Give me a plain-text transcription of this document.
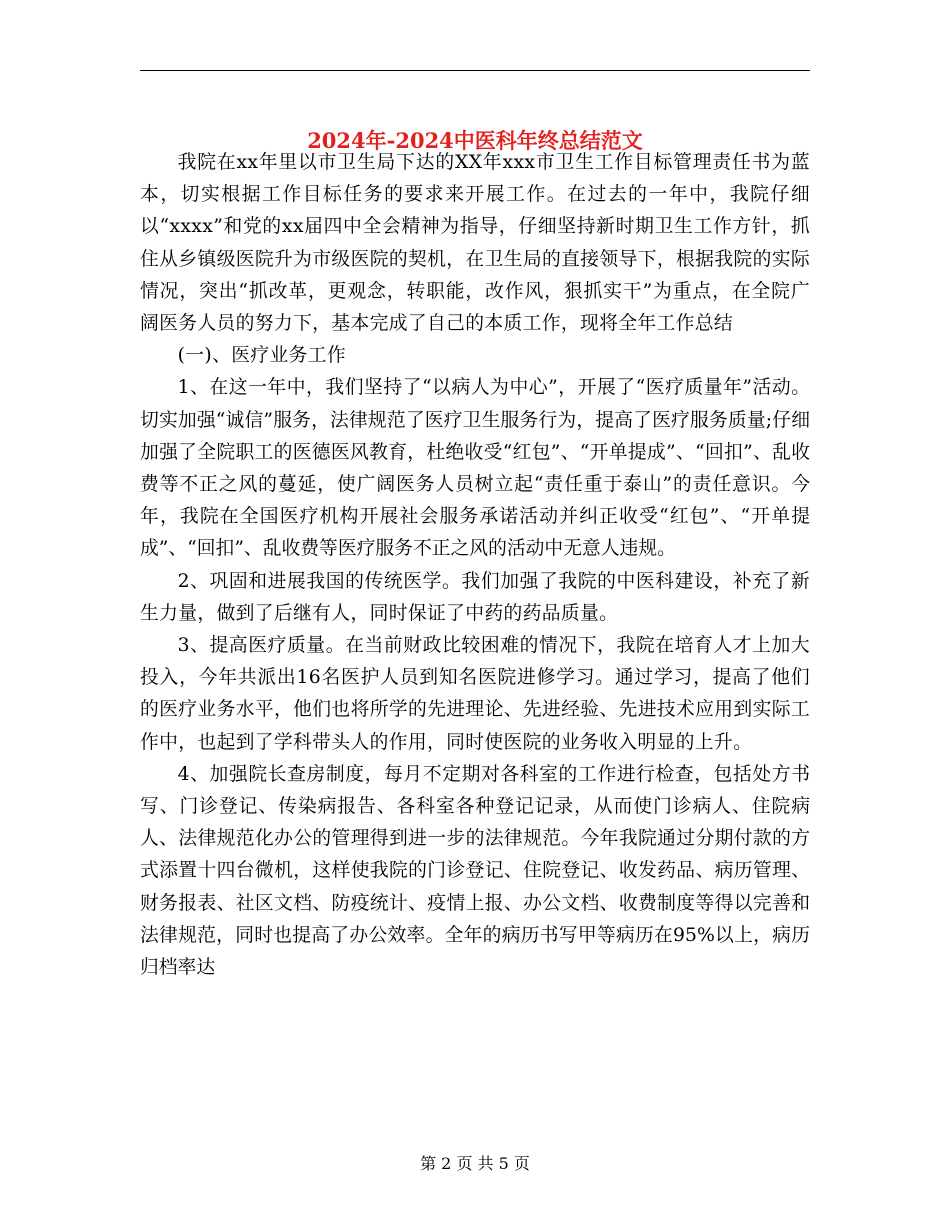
2024年-2024中医科年终总结范文

我院在xx年里以市卫生局下达的XX年xxx市卫生工作目标管理责任书为蓝本，切实根据工作目标任务的要求来开展工作。在过去的一年中，我院仔细以“xxxx”和党的xx届四中全会精神为指导，仔细坚持新时期卫生工作方针，抓住从乡镇级医院升为市级医院的契机，在卫生局的直接领导下，根据我院的实际情况，突出“抓改革，更观念，转职能，改作风，狠抓实干”为重点，在全院广阔医务人员的努力下，基本完成了自己的本质工作，现将全年工作总结

(一)、医疗业务工作

1、在这一年中，我们坚持了“以病人为中心”，开展了“医疗质量年”活动。切实加强“诚信”服务，法律规范了医疗卫生服务行为，提高了医疗服务质量;仔细加强了全院职工的医德医风教育，杜绝收受“红包”、“开单提成”、“回扣”、乱收费等不正之风的蔓延，使广阔医务人员树立起“责任重于泰山”的责任意识。今年，我院在全国医疗机构开展社会服务承诺活动并纠正收受“红包”、“开单提成”、“回扣”、乱收费等医疗服务不正之风的活动中无意人违规。

2、巩固和进展我国的传统医学。我们加强了我院的中医科建设，补充了新生力量，做到了后继有人，同时保证了中药的药品质量。

3、提高医疗质量。在当前财政比较困难的情况下，我院在培育人才上加大投入，今年共派出16名医护人员到知名医院进修学习。通过学习，提高了他们的医疗业务水平，他们也将所学的先进理论、先进经验、先进技术应用到实际工作中，也起到了学科带头人的作用，同时使医院的业务收入明显的上升。

4、加强院长查房制度，每月不定期对各科室的工作进行检查，包括处方书写、门诊登记、传染病报告、各科室各种登记记录，从而使门诊病人、住院病人、法律规范化办公的管理得到进一步的法律规范。今年我院通过分期付款的方式添置十四台微机，这样使我院的门诊登记、住院登记、收发药品、病历管理、财务报表、社区文档、防疫统计、疫情上报、办公文档、收费制度等得以完善和法律规范，同时也提高了办公效率。全年的病历书写甲等病历在95%以上，病历归档率达

第 2 页 共 5 页
